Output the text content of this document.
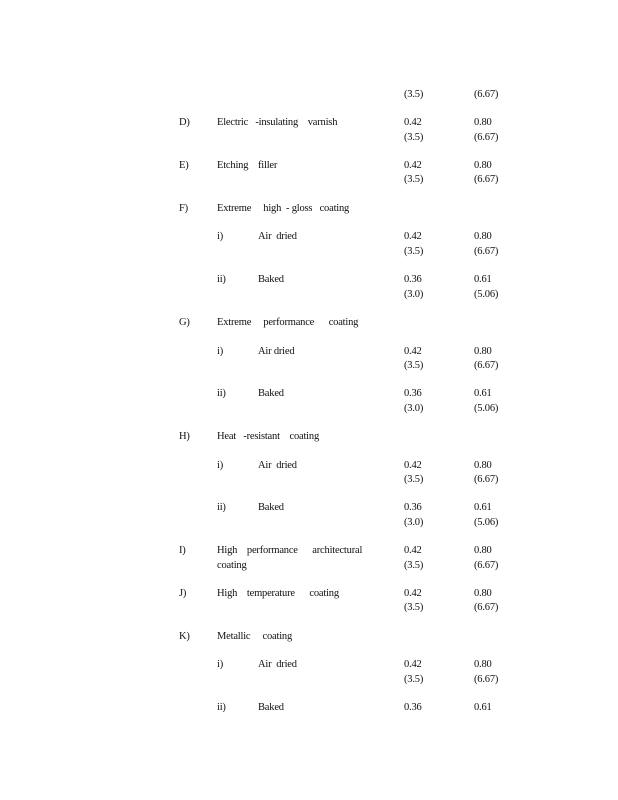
(3.5)	(6.67)
D)	Electric   -insulating    varnish	0.42	0.80
(3.5)	(6.67)
E)	Etching    filler	0.42	0.80
(3.5)	(6.67)
F)	Extreme     high  - gloss   coating
i)	Air  dried	0.42	0.80
(3.5)	(6.67)
ii)	Baked	0.36	0.61
(3.0)	(5.06)
G)	Extreme     performance      coating
i)	Air dried	0.42	0.80
(3.5)	(6.67)
ii)	Baked	0.36	0.61
(3.0)	(5.06)
H)	Heat   -resistant    coating
i)	Air  dried	0.42	0.80
(3.5)	(6.67)
ii)	Baked	0.36	0.61
(3.0)	(5.06)
I)	High    performance      architectural
coating
0.42	0.80
(3.5)	(6.67)
J)	High    temperature      coating	0.42	0.80
(3.5)	(6.67)
K)	Metallic     coating
i)	Air  dried	0.42	0.80
(3.5)	(6.67)
ii)	Baked	0.36	0.61
